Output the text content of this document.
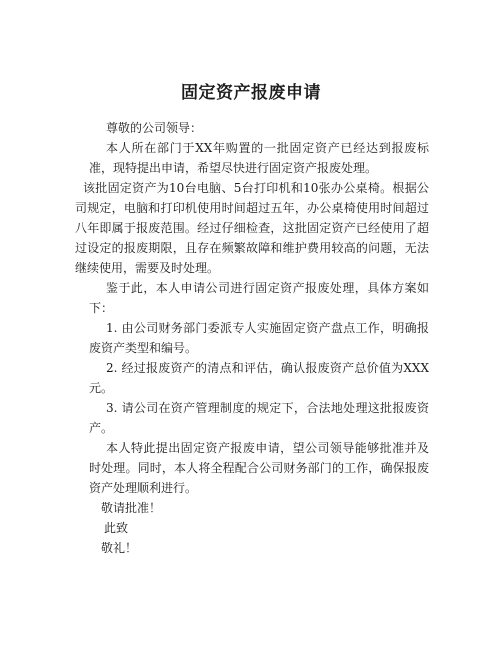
固定资产报废申请

尊敬的公司领导：

本人所在部门于XX年购置的一批固定资产已经达到报废标准，现特提出申请，希望尽快进行固定资产报废处理。

该批固定资产为10台电脑、5台打印机和10张办公桌椅。根据公司规定，电脑和打印机使用时间超过五年，办公桌椅使用时间超过八年即属于报废范围。经过仔细检查，这批固定资产已经使用了超过设定的报废期限，且存在频繁故障和维护费用较高的问题，无法继续使用，需要及时处理。

鉴于此，本人申请公司进行固定资产报废处理，具体方案如下：

1. 由公司财务部门委派专人实施固定资产盘点工作，明确报废资产类型和编号。

2. 经过报废资产的清点和评估，确认报废资产总价值为XXX元。

3. 请公司在资产管理制度的规定下，合法地处理这批报废资产。

本人特此提出固定资产报废申请，望公司领导能够批准并及时处理。同时，本人将全程配合公司财务部门的工作，确保报废资产处理顺利进行。

敬请批准！

此致

敬礼！
